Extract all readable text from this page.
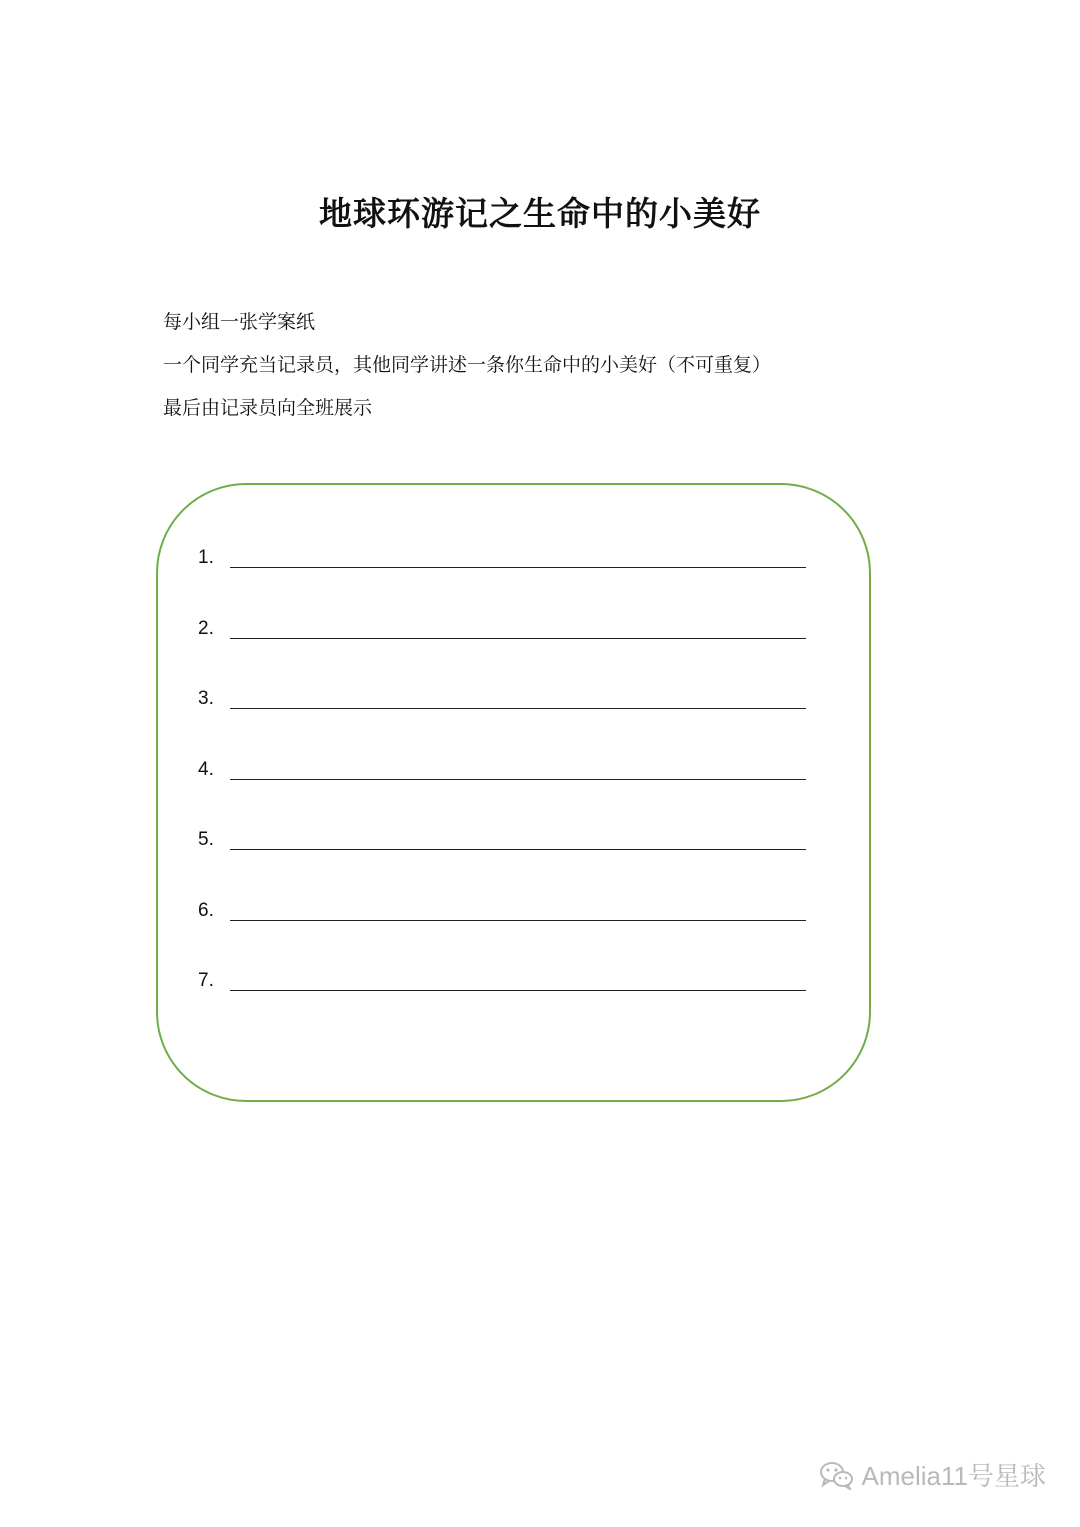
地球环游记之生命中的小美好
每小组一张学案纸
一个同学充当记录员，其他同学讲述一条你生命中的小美好（不可重复）
最后由记录员向全班展示
1.
2.
3.
4.
5.
6.
7.
Amelia11号星球
